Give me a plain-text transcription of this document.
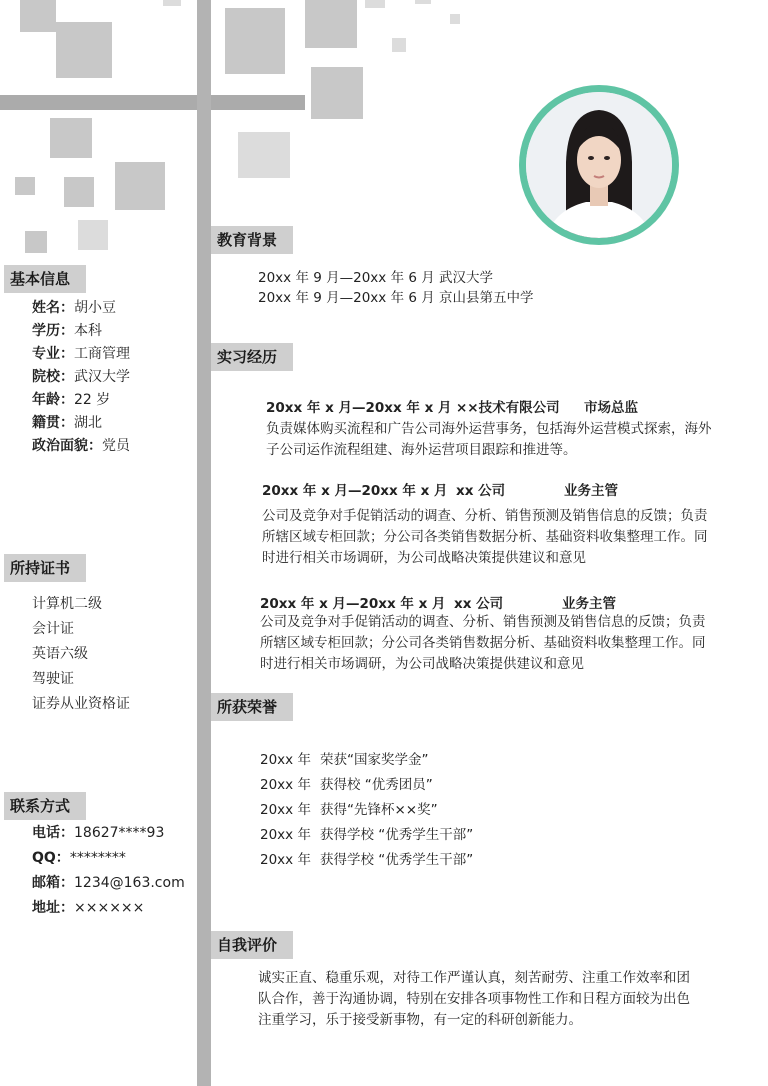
基本信息
姓名：胡小豆
学历：本科
专业：工商管理
院校：武汉大学
年龄：22 岁
籍贯：湖北
政治面貌：党员
所持证书
计算机二级
会计证
英语六级
驾驶证
证券从业资格证
联系方式
电话：18627****93
QQ：********
邮箱：1234@163.com
地址：××××××
教育背景
20xx 年 9 月—20xx 年 6 月 武汉大学
20xx 年 9 月—20xx 年 6 月 京山县第五中学
实习经历
20xx 年 x 月—20xx 年 x 月 ××技术有限公司 市场总监
负责媒体购买流程和广告公司海外运营事务，包括海外运营模式探索，海外
子公司运作流程组建、海外运营项目跟踪和推进等。
20xx 年 x 月—20xx 年 x 月 xx 公司	业务主管
公司及竞争对手促销活动的调查、分析、销售预测及销售信息的反馈；负责
所辖区域专柜回款；分公司各类销售数据分析、基础资料收集整理工作。同
时进行相关市场调研，为公司战略决策提供建议和意见
20xx 年 x 月—20xx 年 x 月 xx 公司	业务主管
公司及竞争对手促销活动的调查、分析、销售预测及销售信息的反馈；负责
所辖区域专柜回款；分公司各类销售数据分析、基础资料收集整理工作。同
时进行相关市场调研，为公司战略决策提供建议和意见
所获荣誉
20xx 年 荣获“国家奖学金”
20xx 年 获得校 “优秀团员”
20xx 年 获得“先锋杯××奖”
20xx 年 获得学校 “优秀学生干部”
20xx 年 获得学校 “优秀学生干部”
自我评价
诚实正直、稳重乐观，对待工作严谨认真，刻苦耐劳、注重工作效率和团
队合作，善于沟通协调，特别在安排各项事物性工作和日程方面较为出色
注重学习，乐于接受新事物，有一定的科研创新能力。
